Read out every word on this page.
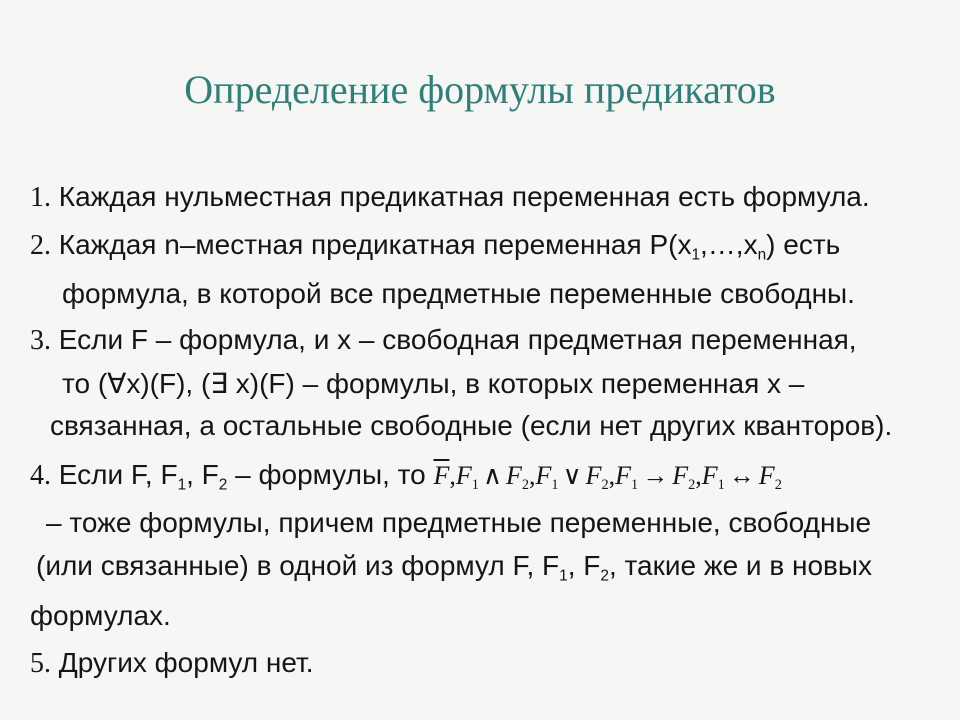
Определение формулы предикатов
1. Каждая нульместная предикатная переменная есть формула.
2. Каждая n–местная предикатная переменная $P(x_1,\dots,x_n)$ есть
формула, в которой все предметные переменные свободны.
3. Если F – формула, и x – свободная предметная переменная,
то (∀x)(F), (∃ x)(F) – формулы, в которых переменная x –
связанная, а остальные свободные (если нет других кванторов).
4. Если F, $F_1$, $F_2$ – формулы, то $\overline{F},F_1$ ∧ $F_2,F_1$ ∨ $F_2,F_1 \to F_2,F_1$ ↔ $F_2$
– тоже формулы, причем предметные переменные, свободные
(или связанные) в одной из формул F, $F_1$, $F_2$, такие же и в новых
формулах.
5. Других формул нет.
